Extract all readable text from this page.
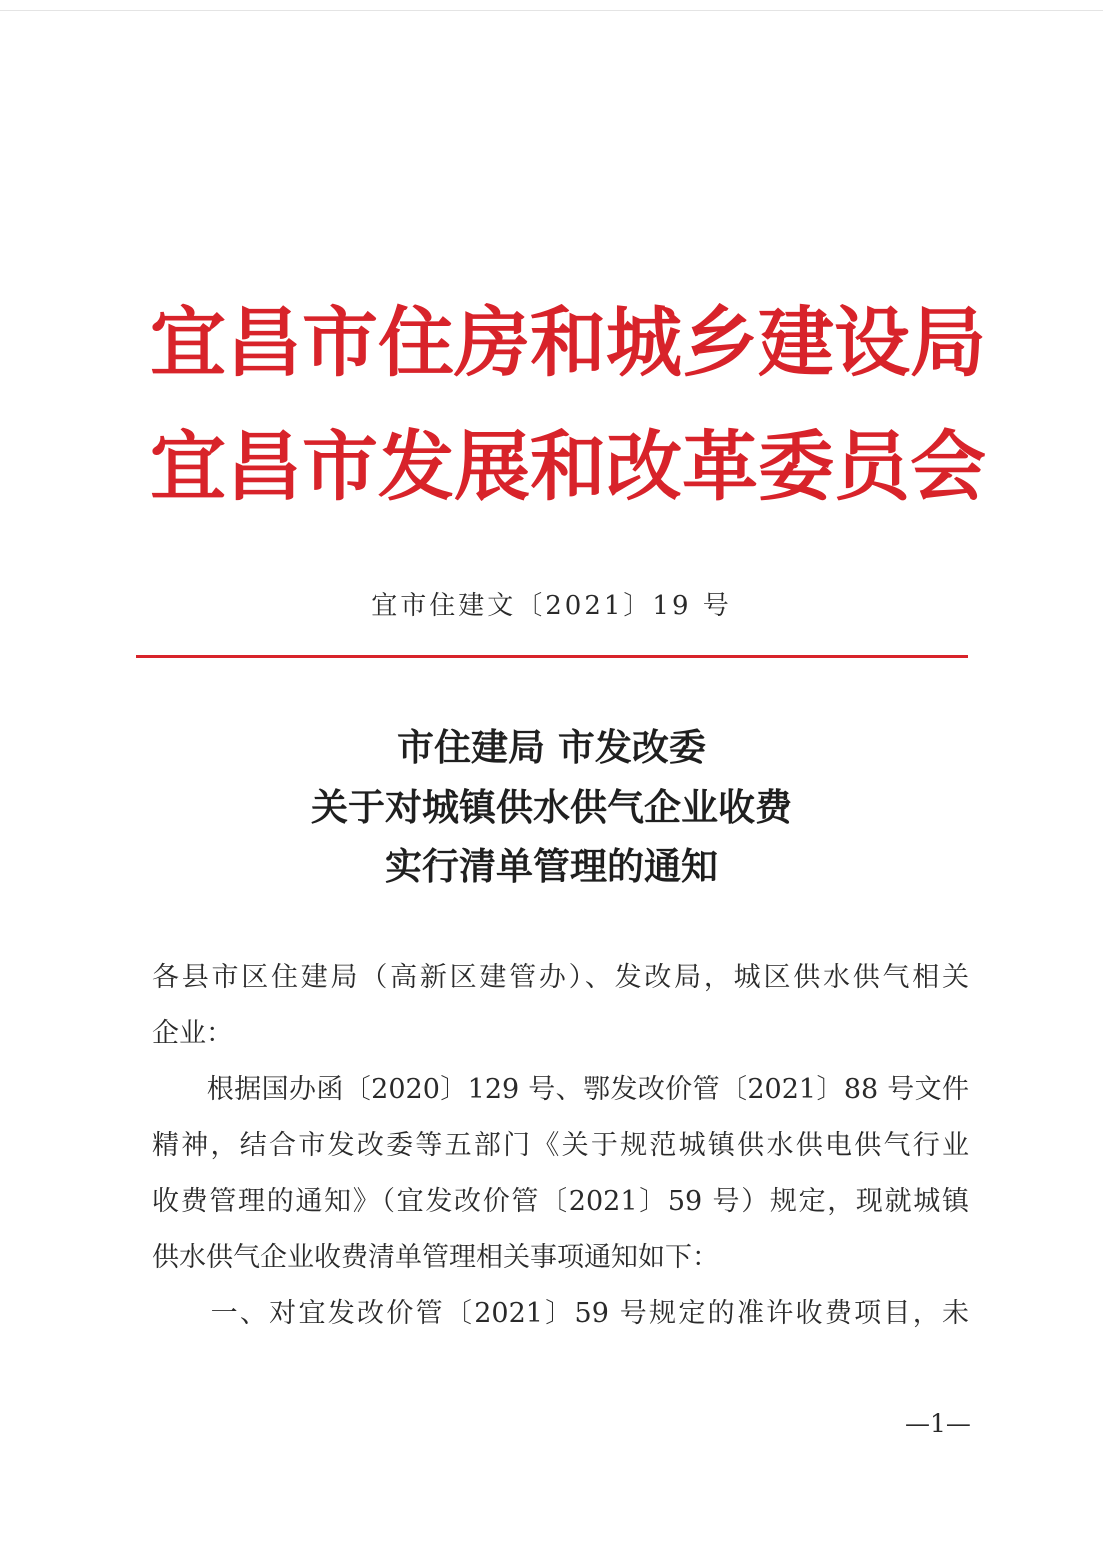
宜 昌 市 住 房 和 城 乡 建 设 局
宜 昌 市 发 展 和 改 革 委 员 会
宜市住建文〔2021〕19 号
市住建局 市发改委
关于对城镇供水供气企业收费
实行清单管理的通知
各县市区住建局（高新区建管办）、发改局，城区供水供气相关
企业：
　　根据国办函〔2020〕129 号、鄂发改价管〔2021〕88 号文件
精神，结合市发改委等五部门《关于规范城镇供水供电供气行业
收费管理的通知》（宜发改价管〔2021〕59 号）规定，现就城镇
供水供气企业收费清单管理相关事项通知如下：
　　一、对宜发改价管〔2021〕59 号规定的准许收费项目，未
—1—
